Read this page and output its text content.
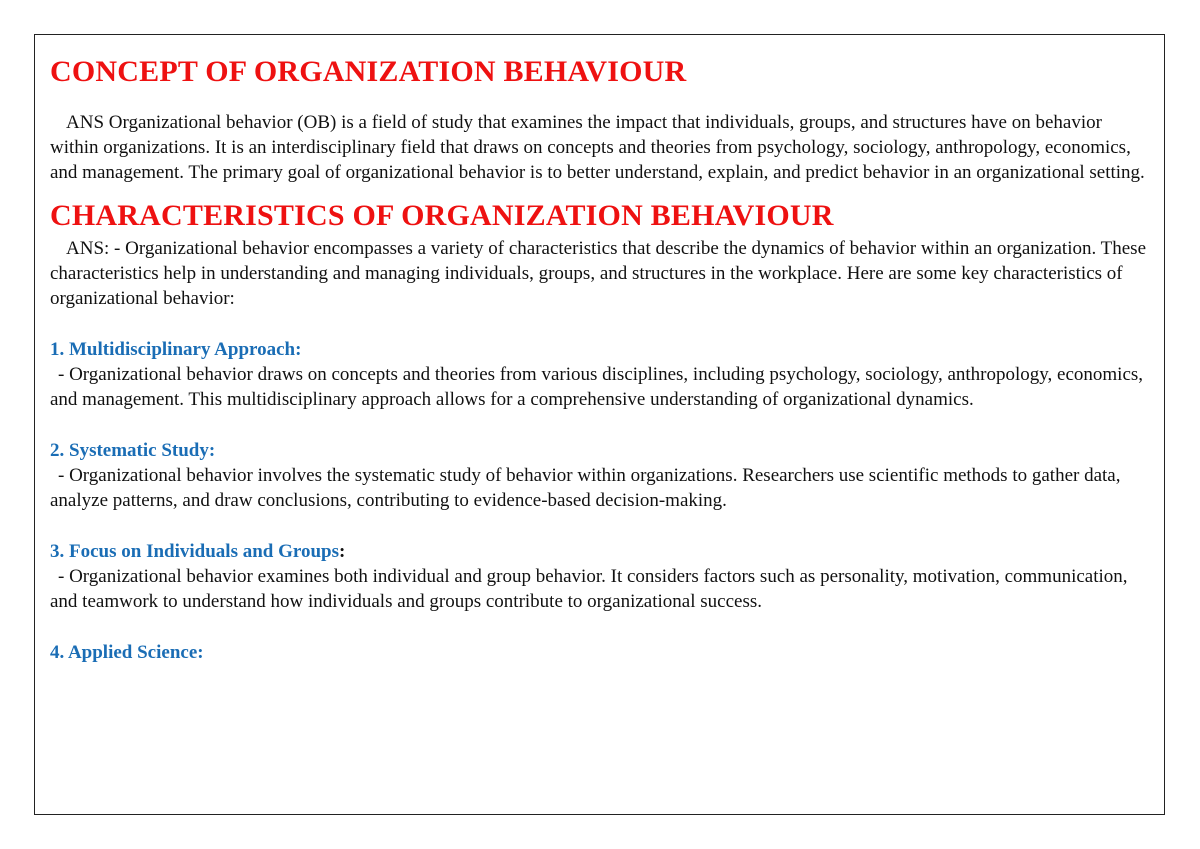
CONCEPT OF ORGANIZATION BEHAVIOUR

ANS Organizational behavior (OB) is a field of study that examines the impact that individuals, groups, and structures have on behavior within organizations. It is an interdisciplinary field that draws on concepts and theories from psychology, sociology, anthropology, economics, and management. The primary goal of organizational behavior is to better understand, explain, and predict behavior in an organizational setting.

CHARACTERISTICS OF ORGANIZATION BEHAVIOUR

ANS: - Organizational behavior encompasses a variety of characteristics that describe the dynamics of behavior within an organization. These characteristics help in understanding and managing individuals, groups, and structures in the workplace. Here are some key characteristics of organizational behavior:

1. Multidisciplinary Approach:

- Organizational behavior draws on concepts and theories from various disciplines, including psychology, sociology, anthropology, economics, and management. This multidisciplinary approach allows for a comprehensive understanding of organizational dynamics.

2. Systematic Study:

- Organizational behavior involves the systematic study of behavior within organizations. Researchers use scientific methods to gather data, analyze patterns, and draw conclusions, contributing to evidence-based decision-making.

3. Focus on Individuals and Groups:

- Organizational behavior examines both individual and group behavior. It considers factors such as personality, motivation, communication, and teamwork to understand how individuals and groups contribute to organizational success.

4. Applied Science:
